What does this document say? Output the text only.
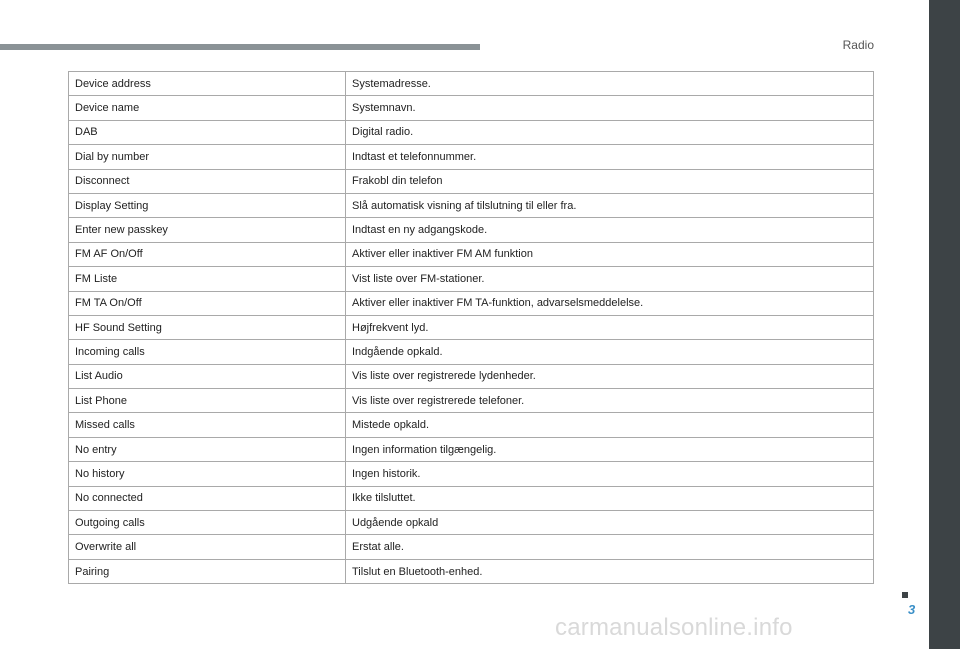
Radio
3
carmanualsonline.info
Device address	Systemadresse.
Device name	Systemnavn.
DAB	Digital radio.
Dial by number	Indtast et telefonnummer.
Disconnect	Frakobl din telefon
Display Setting	Slå automatisk visning af tilslutning til eller fra.
Enter new passkey	Indtast en ny adgangskode.
FM AF On/Off	Aktiver eller inaktiver FM AM funktion
FM Liste	Vist liste over FM-stationer.
FM TA On/Off	Aktiver eller inaktiver FM TA-funktion, advarselsmeddelelse.
HF Sound Setting	Højfrekvent lyd.
Incoming calls	Indgående opkald.
List Audio	Vis liste over registrerede lydenheder.
List Phone	Vis liste over registrerede telefoner.
Missed calls	Mistede opkald.
No entry	Ingen information tilgængelig.
No history	Ingen historik.
No connected	Ikke tilsluttet.
Outgoing calls	Udgående opkald
Overwrite all	Erstat alle.
Pairing	Tilslut en Bluetooth-enhed.
